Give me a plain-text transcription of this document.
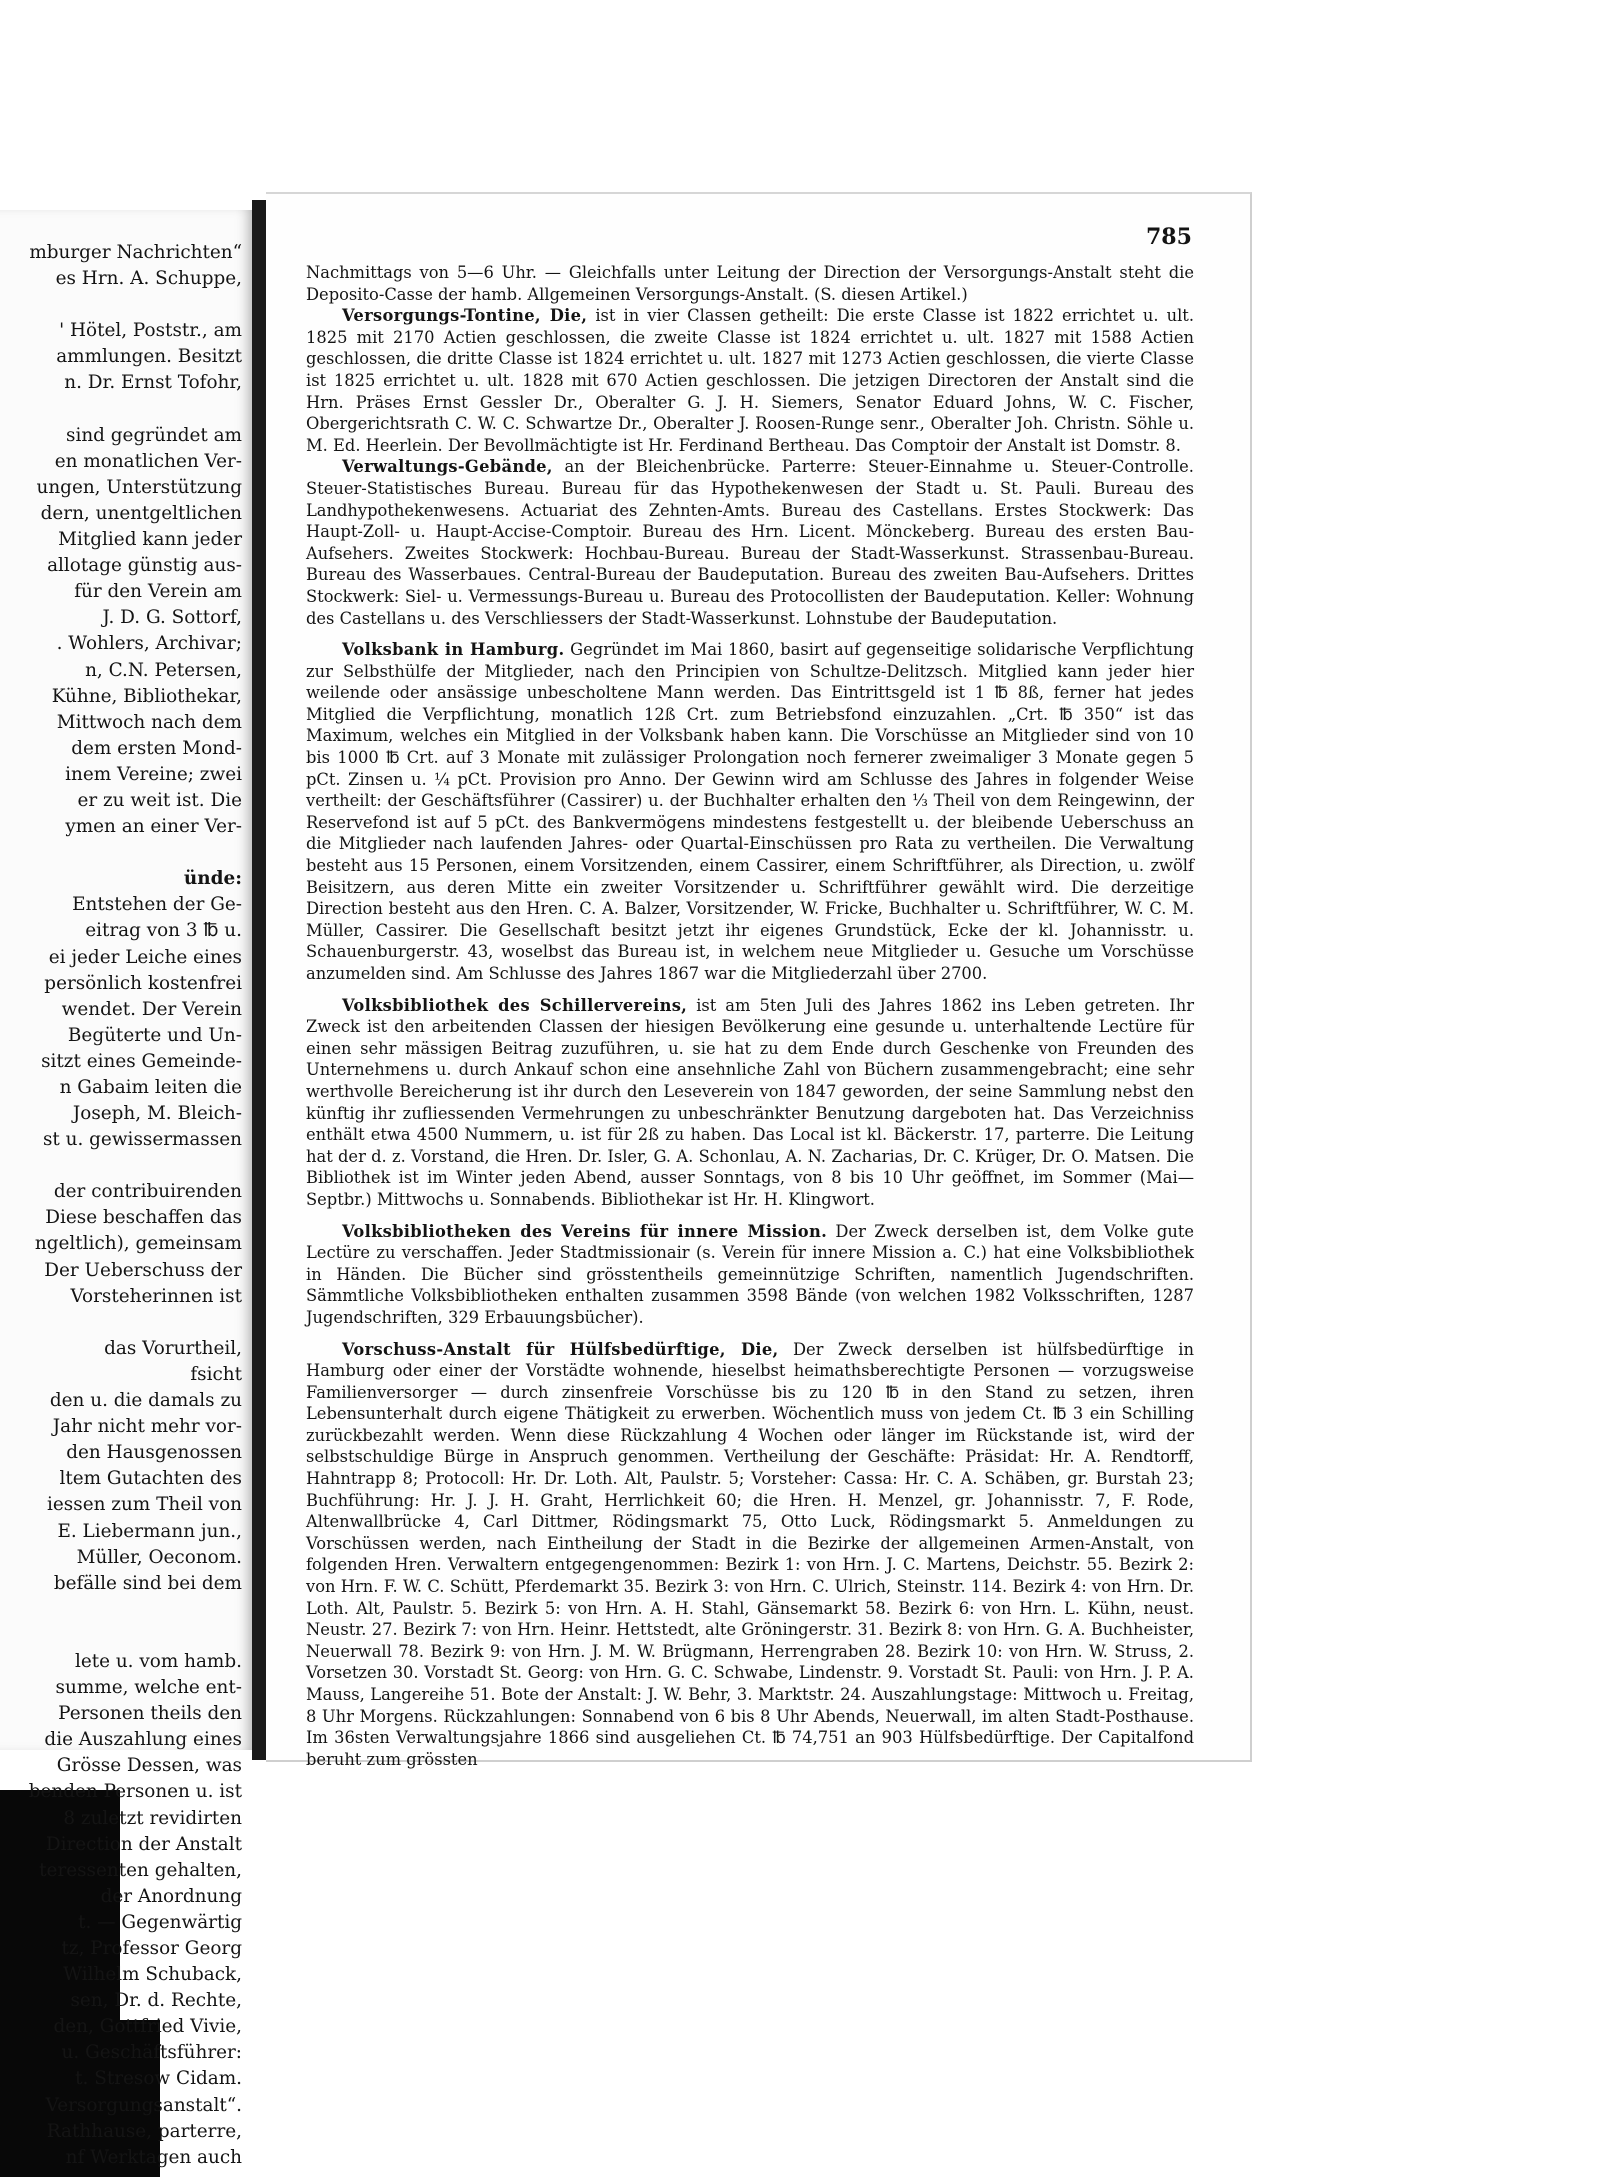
mburger Nachrichten“
es Hrn. A. Schuppe,
' Hötel, Poststr., am
ammlungen. Besitzt
n. Dr. Ernst Tofohr,
sind gegründet am
en monatlichen Ver-
ungen, Unterstützung
dern, unentgeltlichen
Mitglied kann jeder
allotage günstig aus-
für den Verein am
J. D. G. Sottorf,
. Wohlers, Archivar;
n, C.N. Petersen,
Kühne, Bibliothekar,
Mittwoch nach dem
dem ersten Mond-
inem Vereine; zwei
er zu weit ist. Die
ymen an einer Ver-
ünde:
Entstehen der Ge-
eitrag von 3 ℔ u.
ei jeder Leiche eines
persönlich kostenfrei
wendet. Der Verein
Begüterte und Un-
sitzt eines Gemeinde-
n Gabaim leiten die
Joseph, M. Bleich-
st u. gewissermassen
der contribuirenden
Diese beschaffen das
ngeltlich), gemeinsam
Der Ueberschuss der
Vorsteherinnen ist
das Vorurtheil,
fsicht
den u. die damals zu
Jahr nicht mehr vor-
den Hausgenossen
ltem Gutachten des
iessen zum Theil von
E. Liebermann jun.,
Müller, Oeconom.
befälle sind bei dem
lete u. vom hamb.
summe, welche ent-
Personen theils den
die Auszahlung eines
Grösse Dessen, was
benden Personen u. ist
8 zuletzt revidirten
Direction der Anstalt
teressenten gehalten,
der Anordnung
t. — Gegenwärtig
tz, Professor Georg
Wilhelm Schuback,
sen, Dr. d. Rechte,
den, Gottfried Vivie,
u. Geschäftsführer:
t. Stresow Cidam.
Versorgungsanstalt“.
Rathhause, parterre,
nf Werktagen auch
785

Nachmittags von 5—6 Uhr. — Gleichfalls unter Leitung der Direction der Versorgungs-Anstalt steht die Deposito-Casse der hamb. Allgemeinen Versorgungs-Anstalt. (S. diesen Artikel.)

Versorgungs-Tontine, Die, ist in vier Classen getheilt: Die erste Classe ist 1822 errichtet u. ult. 1825 mit 2170 Actien geschlossen, die zweite Classe ist 1824 errichtet u. ult. 1827 mit 1588 Actien geschlossen, die dritte Classe ist 1824 errichtet u. ult. 1827 mit 1273 Actien geschlossen, die vierte Classe ist 1825 errichtet u. ult. 1828 mit 670 Actien geschlossen. Die jetzigen Directoren der Anstalt sind die Hrn. Präses Ernst Gessler Dr., Oberalter G. J. H. Siemers, Senator Eduard Johns, W. C. Fischer, Obergerichtsrath C. W. C. Schwartze Dr., Oberalter J. Roosen-Runge senr., Oberalter Joh. Christn. Söhle u. M. Ed. Heerlein. Der Bevollmächtigte ist Hr. Ferdinand Bertheau. Das Comptoir der Anstalt ist Domstr. 8.

Verwaltungs-Gebände, an der Bleichenbrücke. Parterre: Steuer-Einnahme u. Steuer-Controlle. Steuer-Statistisches Bureau. Bureau für das Hypothekenwesen der Stadt u. St. Pauli. Bureau des Landhypothekenwesens. Actuariat des Zehnten-Amts. Bureau des Castellans. Erstes Stockwerk: Das Haupt-Zoll- u. Haupt-Accise-Comptoir. Bureau des Hrn. Licent. Mönckeberg. Bureau des ersten Bau-Aufsehers. Zweites Stockwerk: Hochbau-Bureau. Bureau der Stadt-Wasserkunst. Strassenbau-Bureau. Bureau des Wasserbaues. Central-Bureau der Baudeputation. Bureau des zweiten Bau-Aufsehers. Drittes Stockwerk: Siel- u. Vermessungs-Bureau u. Bureau des Protocollisten der Baudeputation. Keller: Wohnung des Castellans u. des Verschliessers der Stadt-Wasserkunst. Lohnstube der Baudeputation.

Volksbank in Hamburg. Gegründet im Mai 1860, basirt auf gegenseitige solidarische Verpflichtung zur Selbsthülfe der Mitglieder, nach den Principien von Schultze-Delitzsch. Mitglied kann jeder hier weilende oder ansässige unbescholtene Mann werden. Das Eintrittsgeld ist 1 ℔ 8ß, ferner hat jedes Mitglied die Verpflichtung, monatlich 12ß Crt. zum Betriebsfond einzuzahlen. „Crt. ℔ 350“ ist das Maximum, welches ein Mitglied in der Volksbank haben kann. Die Vorschüsse an Mitglieder sind von 10 bis 1000 ℔ Crt. auf 3 Monate mit zulässiger Prolongation noch fernerer zweimaliger 3 Monate gegen 5 pCt. Zinsen u. ¼ pCt. Provision pro Anno. Der Gewinn wird am Schlusse des Jahres in folgender Weise vertheilt: der Geschäftsführer (Cassirer) u. der Buchhalter erhalten den ⅓ Theil von dem Reingewinn, der Reservefond ist auf 5 pCt. des Bankvermögens mindestens festgestellt u. der bleibende Ueberschuss an die Mitglieder nach laufenden Jahres- oder Quartal-Einschüssen pro Rata zu vertheilen. Die Verwaltung besteht aus 15 Personen, einem Vorsitzenden, einem Cassirer, einem Schriftführer, als Direction, u. zwölf Beisitzern, aus deren Mitte ein zweiter Vorsitzender u. Schriftführer gewählt wird. Die derzeitige Direction besteht aus den Hren. C. A. Balzer, Vorsitzender, W. Fricke, Buchhalter u. Schriftführer, W. C. M. Müller, Cassirer. Die Gesellschaft besitzt jetzt ihr eigenes Grundstück, Ecke der kl. Johannisstr. u. Schauenburgerstr. 43, woselbst das Bureau ist, in welchem neue Mitglieder u. Gesuche um Vorschüsse anzumelden sind. Am Schlusse des Jahres 1867 war die Mitgliederzahl über 2700.

Volksbibliothek des Schillervereins, ist am 5ten Juli des Jahres 1862 ins Leben getreten. Ihr Zweck ist den arbeitenden Classen der hiesigen Bevölkerung eine gesunde u. unterhaltende Lectüre für einen sehr mässigen Beitrag zuzuführen, u. sie hat zu dem Ende durch Geschenke von Freunden des Unternehmens u. durch Ankauf schon eine ansehnliche Zahl von Büchern zusammengebracht; eine sehr werthvolle Bereicherung ist ihr durch den Leseverein von 1847 geworden, der seine Sammlung nebst den künftig ihr zufliessenden Vermehrungen zu unbeschränkter Benutzung dargeboten hat. Das Verzeichniss enthält etwa 4500 Nummern, u. ist für 2ß zu haben. Das Local ist kl. Bäckerstr. 17, parterre. Die Leitung hat der d. z. Vorstand, die Hren. Dr. Isler, G. A. Schonlau, A. N. Zacharias, Dr. C. Krüger, Dr. O. Matsen. Die Bibliothek ist im Winter jeden Abend, ausser Sonntags, von 8 bis 10 Uhr geöffnet, im Sommer (Mai—Septbr.) Mittwochs u. Sonnabends. Bibliothekar ist Hr. H. Klingwort.

Volksbibliotheken des Vereins für innere Mission. Der Zweck derselben ist, dem Volke gute Lectüre zu verschaffen. Jeder Stadtmissionair (s. Verein für innere Mission a. C.) hat eine Volksbibliothek in Händen. Die Bücher sind grösstentheils gemeinnützige Schriften, namentlich Jugendschriften. Sämmtliche Volksbibliotheken enthalten zusammen 3598 Bände (von welchen 1982 Volksschriften, 1287 Jugendschriften, 329 Erbauungsbücher).

Vorschuss-Anstalt für Hülfsbedürftige, Die, Der Zweck derselben ist hülfsbedürftige in Hamburg oder einer der Vorstädte wohnende, hieselbst heimathsberechtigte Personen — vorzugsweise Familienversorger — durch zinsenfreie Vorschüsse bis zu 120 ℔ in den Stand zu setzen, ihren Lebensunterhalt durch eigene Thätigkeit zu erwerben. Wöchentlich muss von jedem Ct. ℔ 3 ein Schilling zurückbezahlt werden. Wenn diese Rückzahlung 4 Wochen oder länger im Rückstande ist, wird der selbstschuldige Bürge in Anspruch genommen. Vertheilung der Geschäfte: Präsidat: Hr. A. Rendtorff, Hahntrapp 8; Protocoll: Hr. Dr. Loth. Alt, Paulstr. 5; Vorsteher: Cassa: Hr. C. A. Schäben, gr. Burstah 23; Buchführung: Hr. J. J. H. Graht, Herrlichkeit 60; die Hren. H. Menzel, gr. Johannisstr. 7, F. Rode, Altenwallbrücke 4, Carl Dittmer, Rödingsmarkt 75, Otto Luck, Rödingsmarkt 5. Anmeldungen zu Vorschüssen werden, nach Eintheilung der Stadt in die Bezirke der allgemeinen Armen-Anstalt, von folgenden Hren. Verwaltern entgegengenommen: Bezirk 1: von Hrn. J. C. Martens, Deichstr. 55. Bezirk 2: von Hrn. F. W. C. Schütt, Pferdemarkt 35. Bezirk 3: von Hrn. C. Ulrich, Steinstr. 114. Bezirk 4: von Hrn. Dr. Loth. Alt, Paulstr. 5. Bezirk 5: von Hrn. A. H. Stahl, Gänsemarkt 58. Bezirk 6: von Hrn. L. Kühn, neust. Neustr. 27. Bezirk 7: von Hrn. Heinr. Hettstedt, alte Gröningerstr. 31. Bezirk 8: von Hrn. G. A. Buchheister, Neuerwall 78. Bezirk 9: von Hrn. J. M. W. Brügmann, Herrengraben 28. Bezirk 10: von Hrn. W. Struss, 2. Vorsetzen 30. Vorstadt St. Georg: von Hrn. G. C. Schwabe, Lindenstr. 9. Vorstadt St. Pauli: von Hrn. J. P. A. Mauss, Langereihe 51. Bote der Anstalt: J. W. Behr, 3. Marktstr. 24. Auszahlungstage: Mittwoch u. Freitag, 8 Uhr Morgens. Rückzahlungen: Sonnabend von 6 bis 8 Uhr Abends, Neuerwall, im alten Stadt-Posthause. Im 36sten Verwaltungsjahre 1866 sind ausgeliehen Ct. ℔ 74,751 an 903 Hülfsbedürftige. Der Capitalfond beruht zum grössten
